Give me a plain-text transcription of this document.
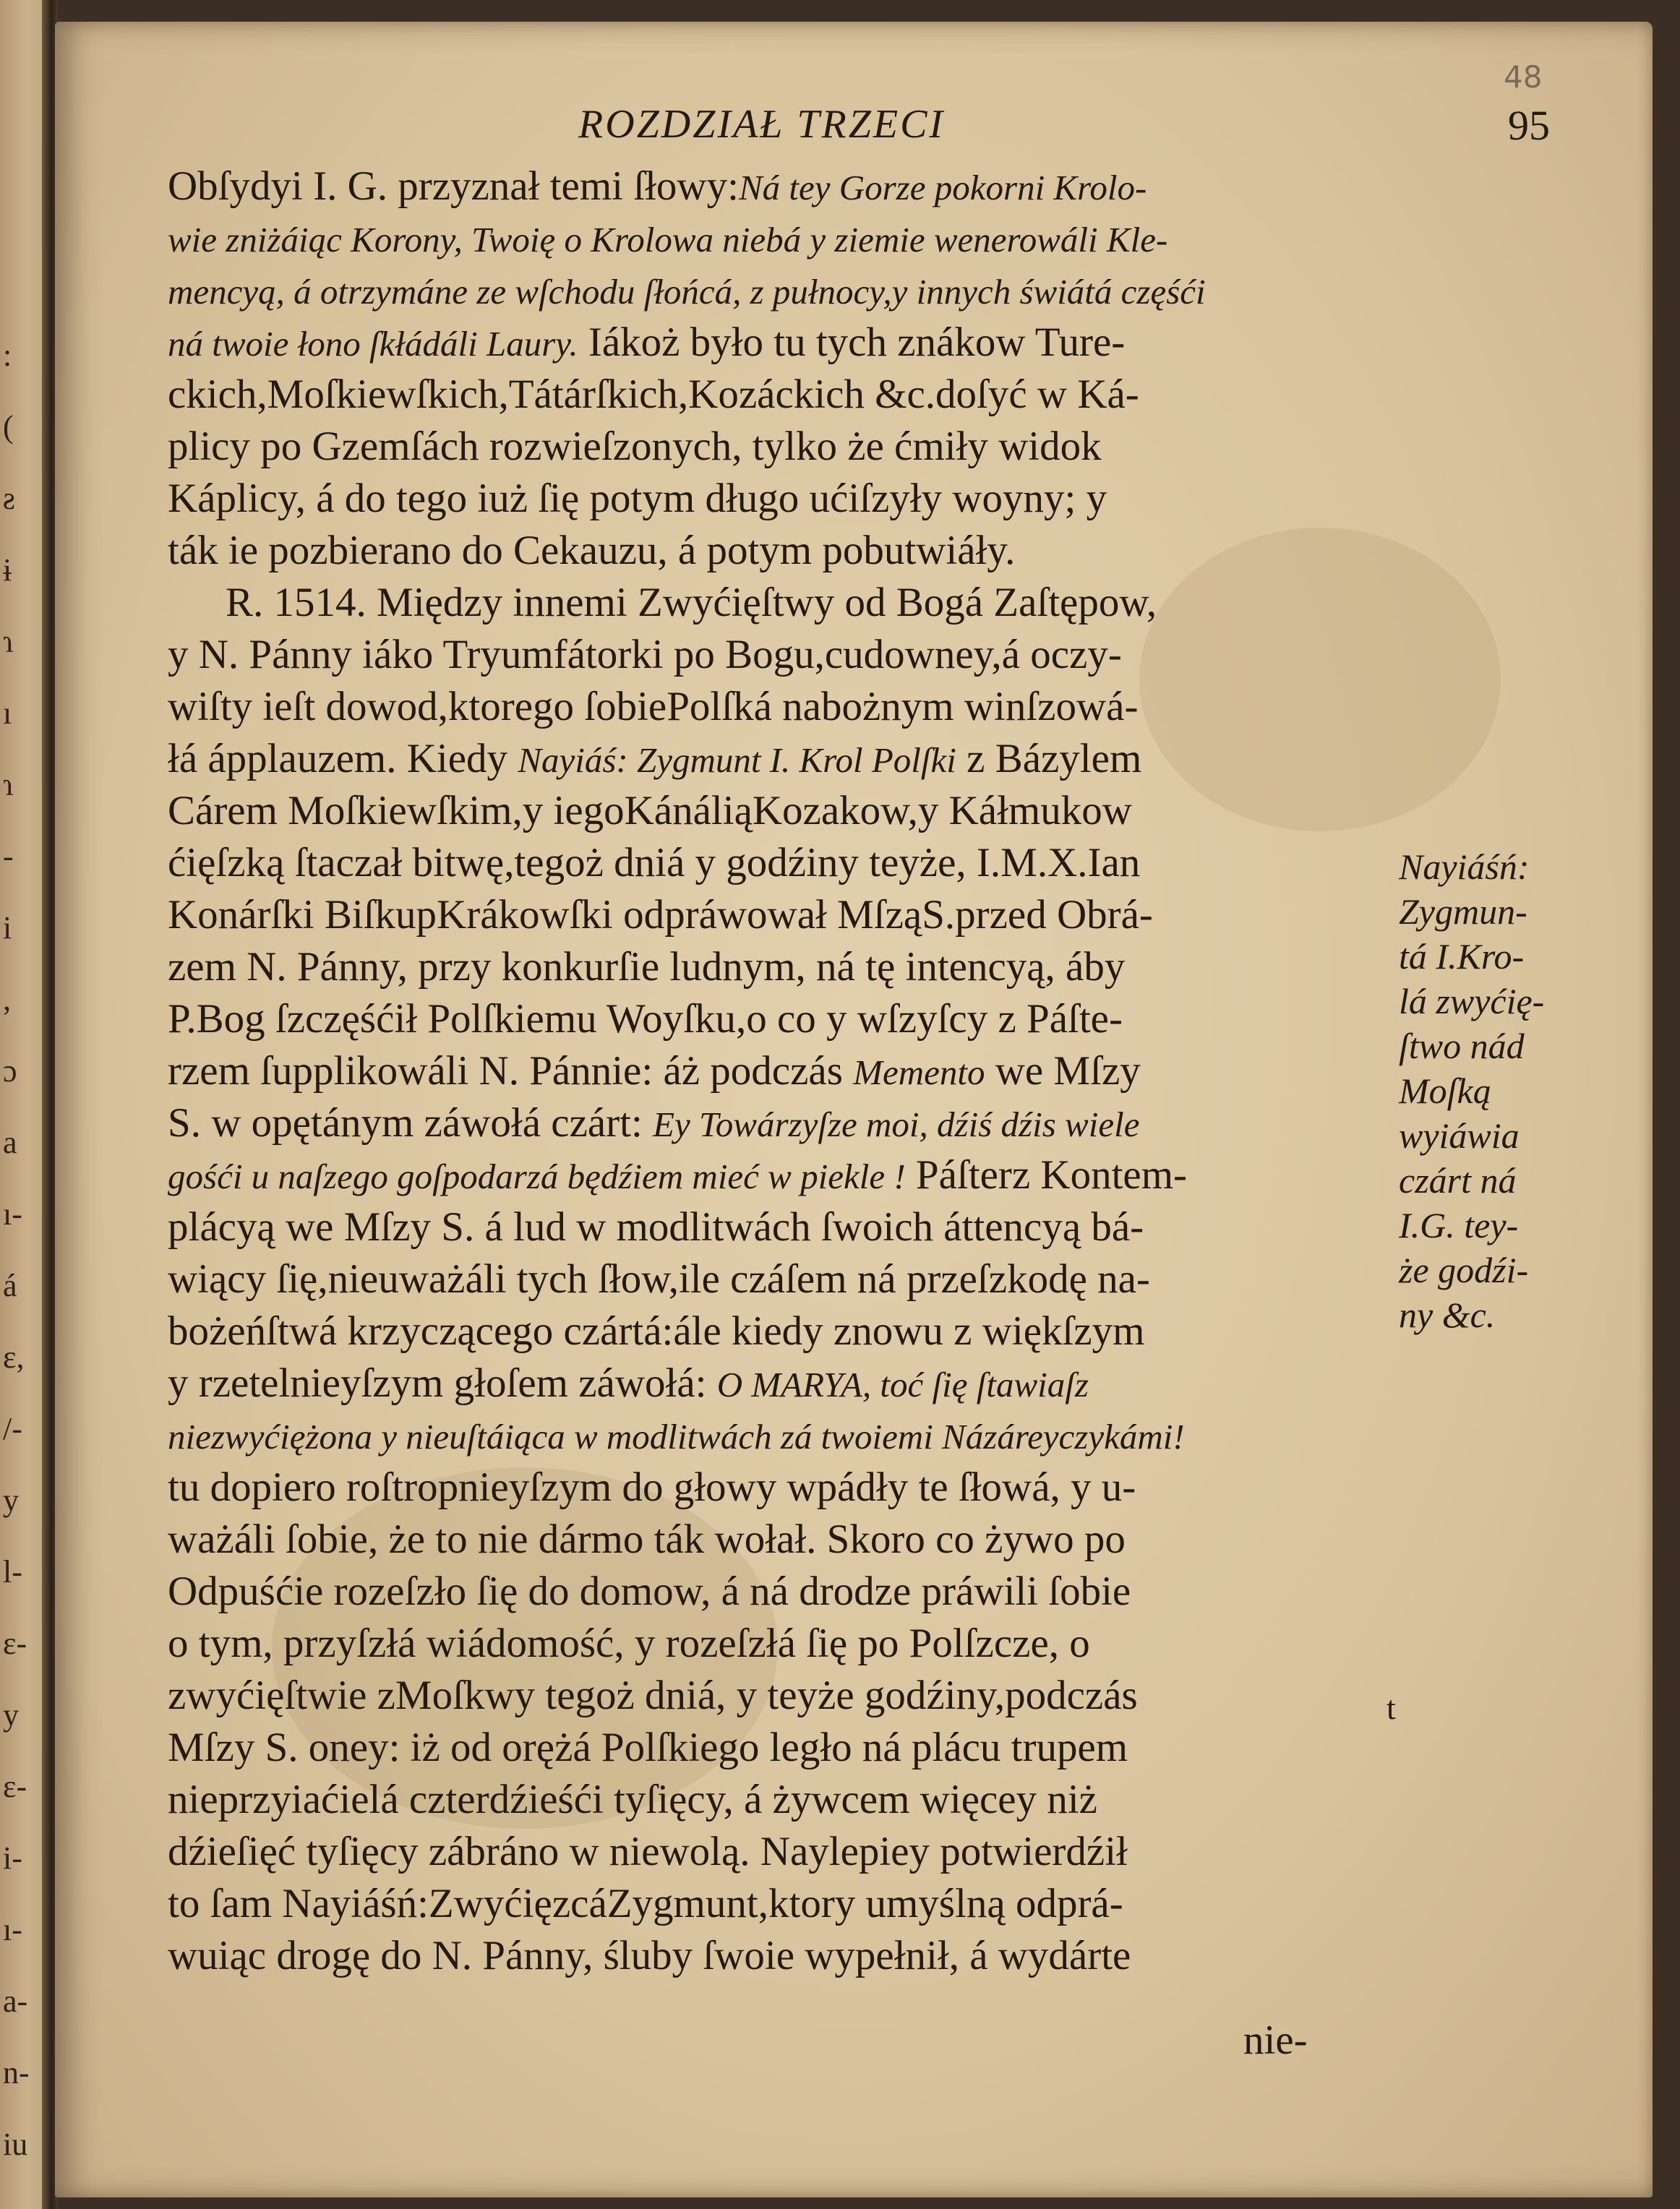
:
(
ƨ
ɨ
ɿ
ı
ɿ
-
i
,
ɔ
a
ı-
á
ɛ,
/-
y
l-
ɛ-
y
ɛ-
i-
ı-
a-
n-
iu
48
ROZDZIAŁ TRZECI	95
Obſydyi I. G. przyznał temi ſłowy:Ná tey Gorze pokorni Krolo-
wie zniżáiąc Korony, Twoię o Krolowa niebá y ziemie wenerowáli Kle-
mencyą, á otrzymáne ze wſchodu ſłońcá, z pułnocy,y innych świátá częśći
ná twoie łono ſkłádáli Laury. Iákoż było tu tych znákow Ture-
ckich,Moſkiewſkich,Tátárſkich,Kozáckich &c.doſyć w Ká-
plicy po Gzemſách rozwieſzonych, tylko że ćmiły widok
Káplicy, á do tego iuż ſię potym długo ućiſzyły woyny; y
ták ie pozbierano do Cekauzu, á potym pobutwiáły.
R. 1514. Między innemi Zwyćięſtwy od Bogá Zaſtępow,
y N. Pánny iáko Tryumfátorki po Bogu,cudowney,á oczy-
wiſty ieſt dowod,ktorego ſobiePolſká nabożnym winſzowá-
łá ápplauzem. Kiedy Nayiáś: Zygmunt I. Krol Polſki z Bázylem
Cárem Moſkiewſkim,y iegoKánáliąKozakow,y Káłmukow
ćięſzką ſtaczał bitwę,tegoż dniá y godźiny teyże, I.M.X.Ian
Konárſki BiſkupKrákowſki odpráwował MſząS.przed Obrá-
zem N. Pánny, przy konkurſie ludnym, ná tę intencyą, áby
P.Bog ſzczęśćił Polſkiemu Woyſku,o co y wſzyſcy z Páſte-
rzem ſupplikowáli N. Pánnie: áż podczás Memento we Mſzy
S. w opętánym záwołá czárt: Ey Towárzyſze moi, dźiś dźis wiele
gośći u naſzego goſpodarzá będźiem mieć w piekle ! Páſterz Kontem-
plácyą we Mſzy S. á lud w modlitwách ſwoich áttencyą bá-
wiący ſię,nieuważáli tych ſłow,ile czáſem ná przeſzkodę na-
bożeńſtwá krzyczącego czártá:ále kiedy znowu z więkſzym
y rzetelnieyſzym głoſem záwołá: O MARYA, toć ſię ſtawiaſz
niezwyćiężona y nieuſtáiąca w modlitwách zá twoiemi Názáreyczykámi!
tu dopiero roſtropnieyſzym do głowy wpádły te ſłowá, y u-
ważáli ſobie, że to nie dármo ták wołał. Skoro co żywo po
Odpuśćie rozeſzło ſię do domow, á ná drodze práwili ſobie
o tym, przyſzłá wiádomość, y rozeſzłá ſię po Polſzcze, o
zwyćięſtwie zMoſkwy tegoż dniá, y teyże godźiny,podczás
Mſzy S. oney: iż od orężá Polſkiego legło ná plácu trupem
nieprzyiaćielá czterdźieśći tyſięcy, á żywcem więcey niż
dźieſięć tyſięcy zábráno w niewolą. Naylepiey potwierdźił
to ſam Nayiáśń:ZwyćięzcáZygmunt,ktory umyślną odprá-
wuiąc drogę do N. Pánny, śluby ſwoie wypełnił, á wydárte
Nayiáśń:
Zygmun-
tá I.Kro-
lá zwyćię-
ſtwo nád
Moſką
wyiáwia
czárt ná
I.G. tey-
że godźi-
ny &c.
t
nie-
